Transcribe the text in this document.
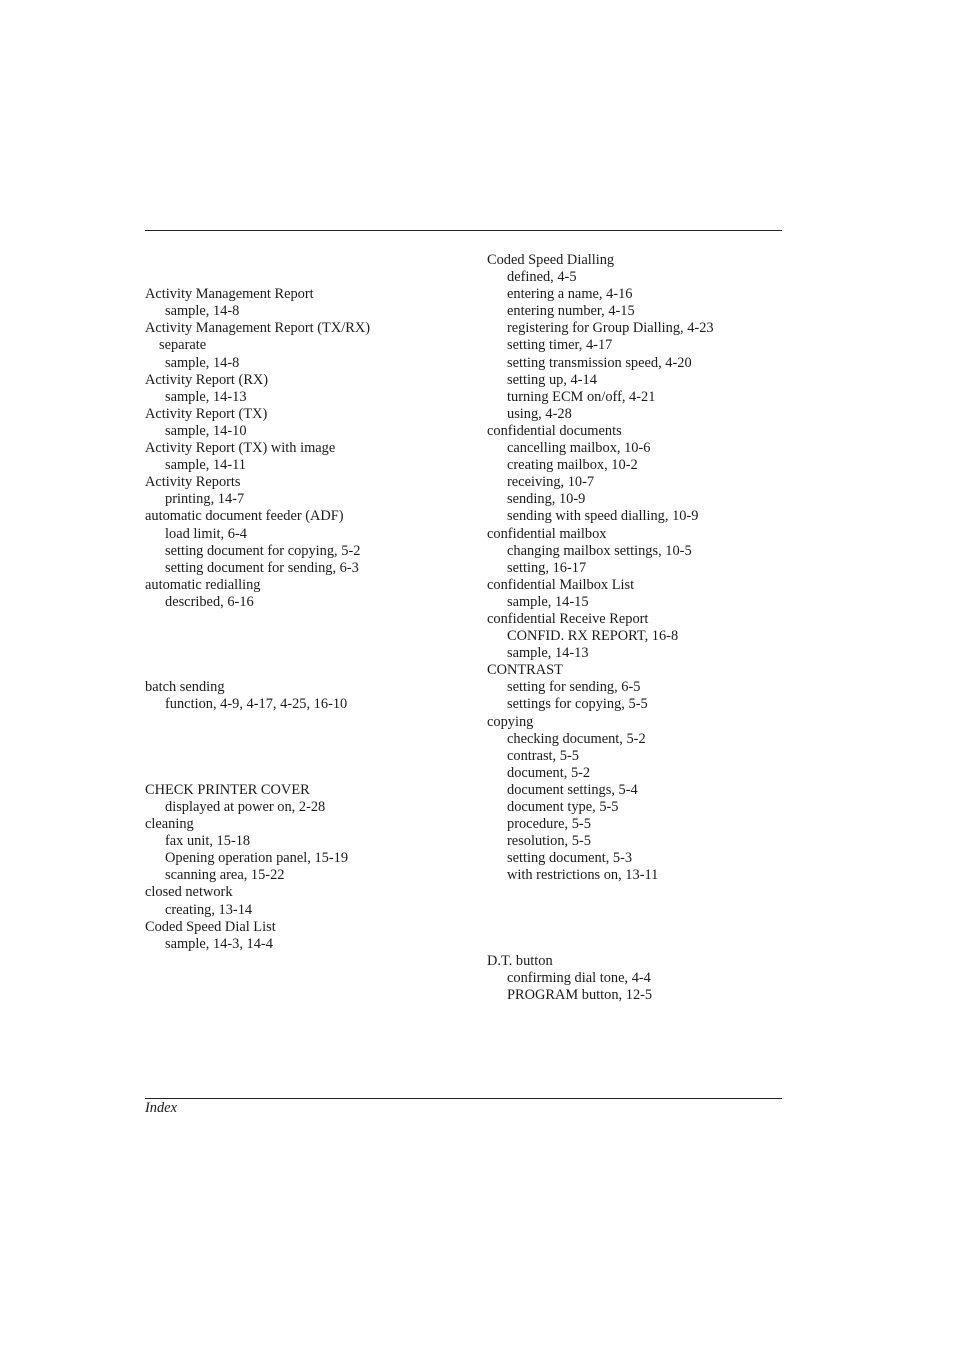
Activity Management Report
sample, 14-8
Activity Management Report (TX/RX)
separate
sample, 14-8
Activity Report (RX)
sample, 14-13
Activity Report (TX)
sample, 14-10
Activity Report (TX) with image
sample, 14-11
Activity Reports
printing, 14-7
automatic document feeder (ADF)
load limit, 6-4
setting document for copying, 5-2
setting document for sending, 6-3
automatic redialling
described, 6-16
batch sending
function, 4-9, 4-17, 4-25, 16-10
CHECK PRINTER COVER
displayed at power on, 2-28
cleaning
fax unit, 15-18
Opening operation panel, 15-19
scanning area, 15-22
closed network
creating, 13-14
Coded Speed Dial List
sample, 14-3, 14-4
Coded Speed Dialling
defined, 4-5
entering a name, 4-16
entering number, 4-15
registering for Group Dialling, 4-23
setting timer, 4-17
setting transmission speed, 4-20
setting up, 4-14
turning ECM on/off, 4-21
using, 4-28
confidential documents
cancelling mailbox, 10-6
creating mailbox, 10-2
receiving, 10-7
sending, 10-9
sending with speed dialling, 10-9
confidential mailbox
changing mailbox settings, 10-5
setting, 16-17
confidential Mailbox List
sample, 14-15
confidential Receive Report
CONFID. RX REPORT, 16-8
sample, 14-13
CONTRAST
setting for sending, 6-5
settings for copying, 5-5
copying
checking document, 5-2
contrast, 5-5
document, 5-2
document settings, 5-4
document type, 5-5
procedure, 5-5
resolution, 5-5
setting document, 5-3
with restrictions on, 13-11
D.T. button
confirming dial tone, 4-4
PROGRAM button, 12-5
Index
